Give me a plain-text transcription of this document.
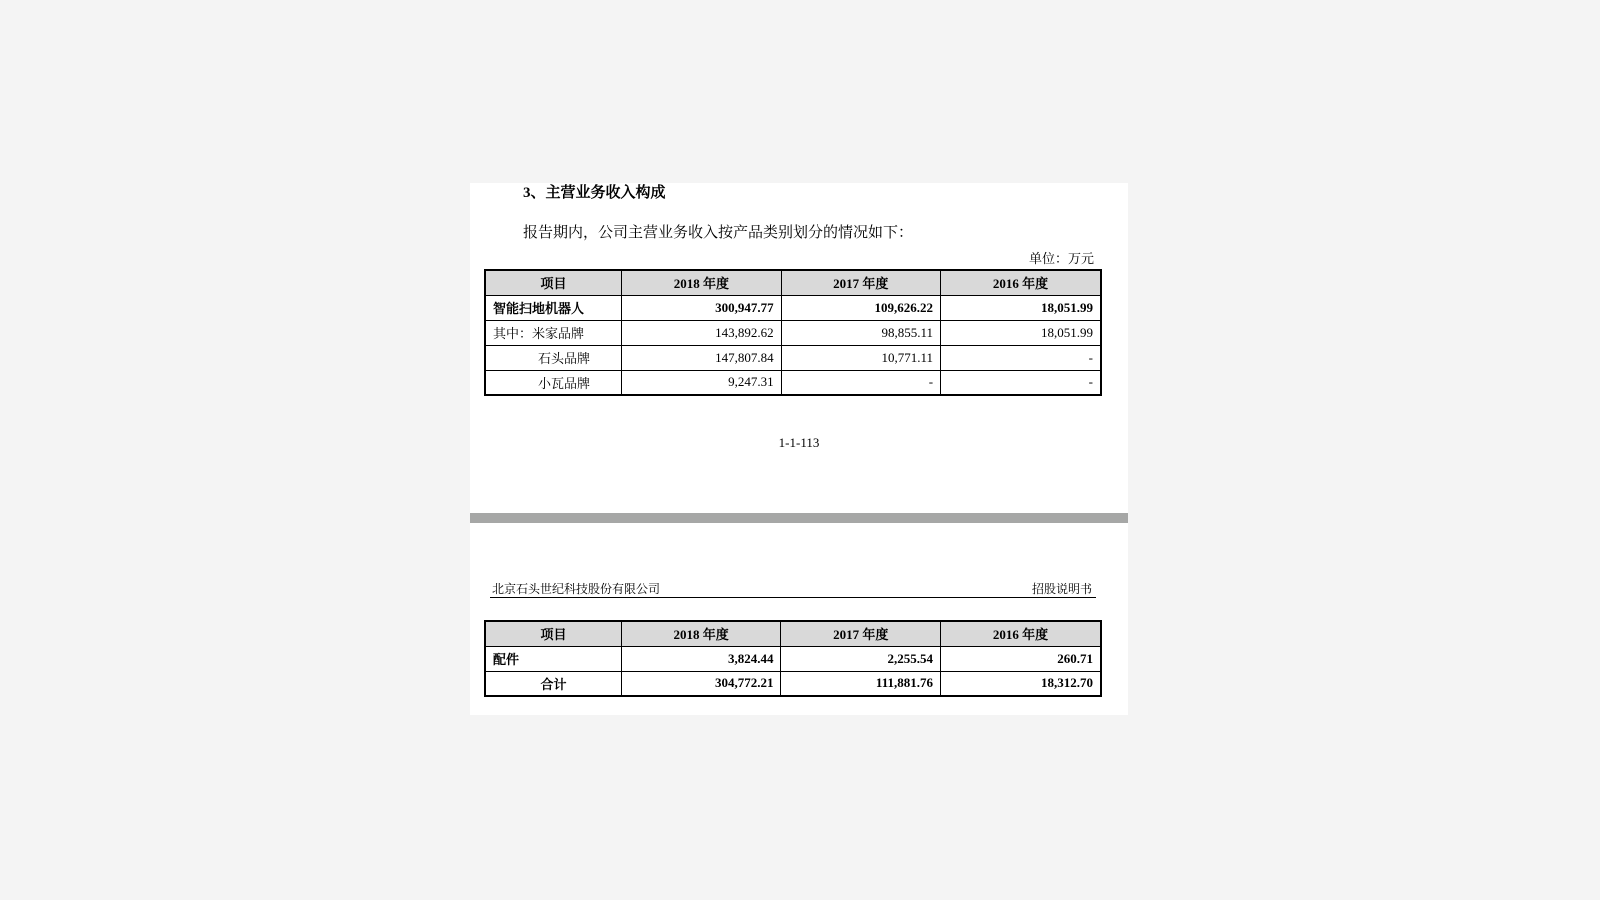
3、主营业务收入构成
报告期内，公司主营业务收入按产品类别划分的情况如下：
单位：万元
项目	2018 年度	2017 年度	2016 年度
智能扫地机器人	300,947.77	109,626.22	18,051.99
其中：米家品牌	143,892.62	98,855.11	18,051.99
石头品牌	147,807.84	10,771.11	-
小瓦品牌	9,247.31	-	-
1-1-113
北京石头世纪科技股份有限公司	招股说明书
项目	2018 年度	2017 年度	2016 年度
配件	3,824.44	2,255.54	260.71
合计	304,772.21	111,881.76	18,312.70
